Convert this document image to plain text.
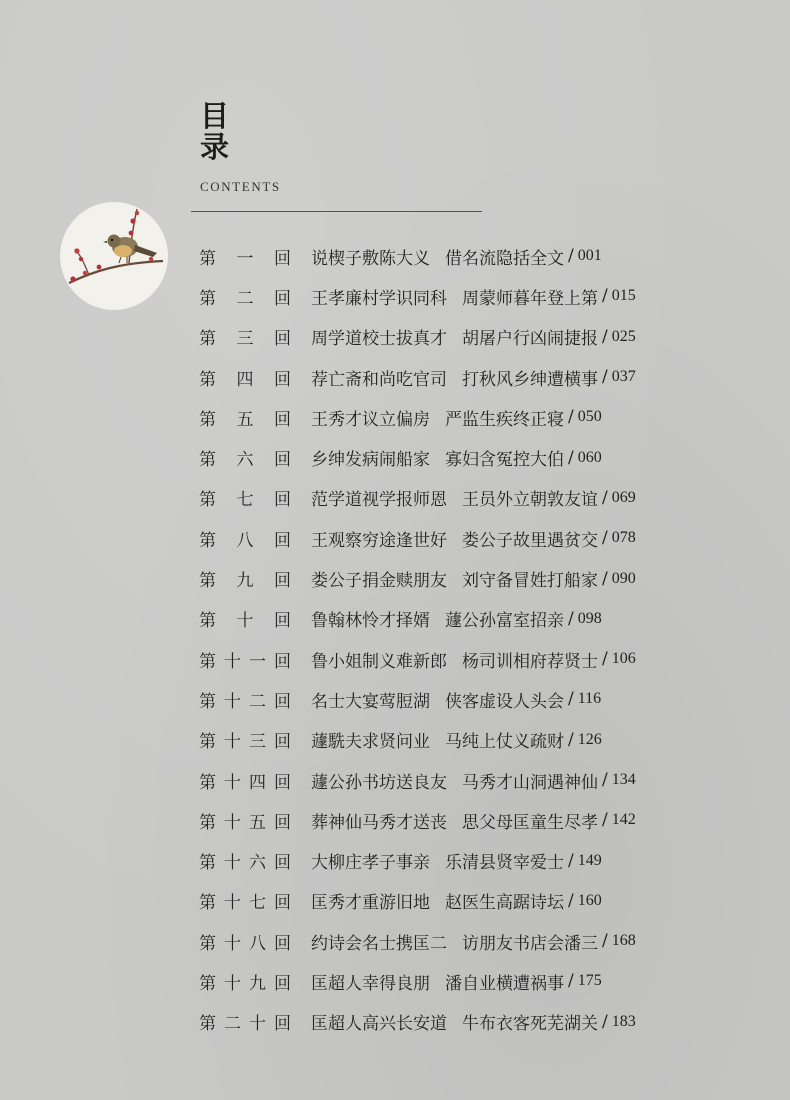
目
录
CONTENTS
第 一 回 说楔子敷陈大义 借名流隐括全文 / 001
第 二 回 王孝廉村学识同科 周蒙师暮年登上第 / 015
第 三 回 周学道校士拔真才 胡屠户行凶闹捷报 / 025
第 四 回 荐亡斋和尚吃官司 打秋风乡绅遭横事 / 037
第 五 回 王秀才议立偏房 严监生疾终正寝 / 050
第 六 回 乡绅发病闹船家 寡妇含冤控大伯 / 060
第 七 回 范学道视学报师恩 王员外立朝敦友谊 / 069
第 八 回 王观察穷途逢世好 娄公子故里遇贫交 / 078
第 九 回 娄公子捐金赎朋友 刘守备冒姓打船家 / 090
第 十 回 鲁翰林怜才择婿 蘧公孙富室招亲 / 098
第 十 一 回 鲁小姐制义难新郎 杨司训相府荐贤士 / 106
第 十 二 回 名士大宴莺脰湖 侠客虚设人头会 / 116
第 十 三 回 蘧駪夫求贤问业 马纯上仗义疏财 / 126
第 十 四 回 蘧公孙书坊送良友 马秀才山洞遇神仙 / 134
第 十 五 回 葬神仙马秀才送丧 思父母匡童生尽孝 / 142
第 十 六 回 大柳庄孝子事亲 乐清县贤宰爱士 / 149
第 十 七 回 匡秀才重游旧地 赵医生高踞诗坛 / 160
第 十 八 回 约诗会名士携匡二 访朋友书店会潘三 / 168
第 十 九 回 匡超人幸得良朋 潘自业横遭祸事 / 175
第 二 十 回 匡超人高兴长安道 牛布衣客死芜湖关 / 183
